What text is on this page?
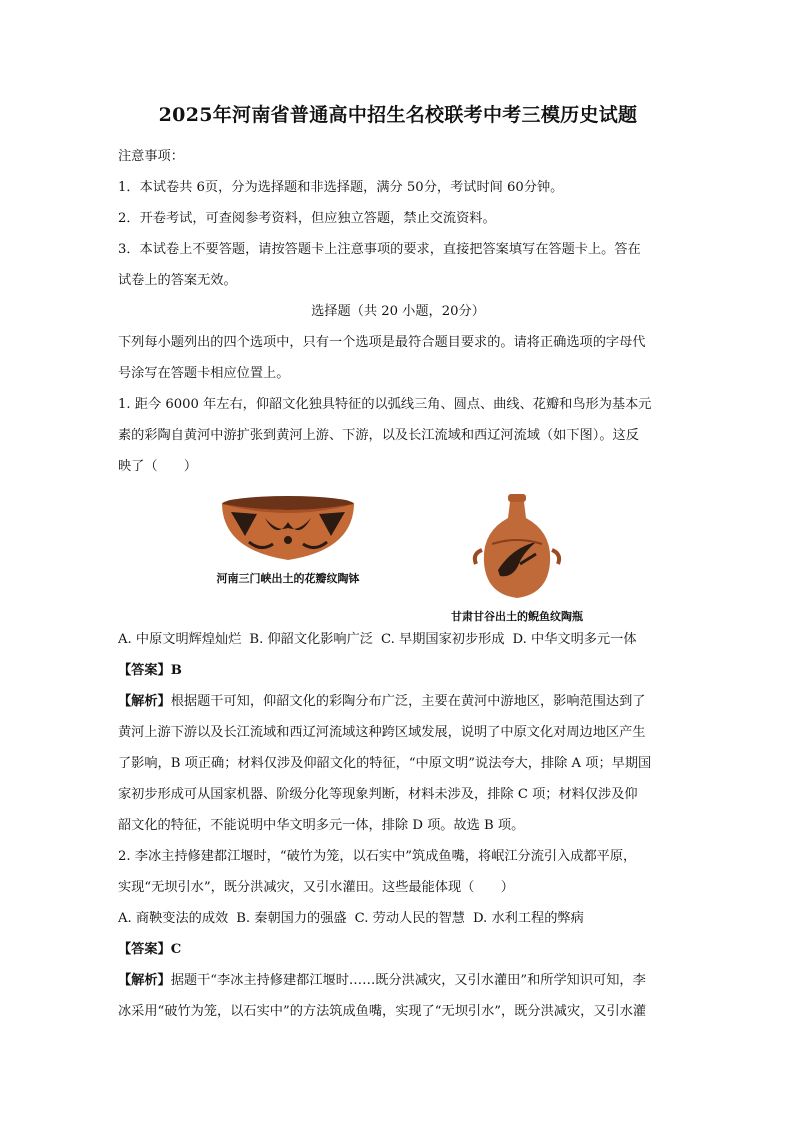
2025年河南省普通高中招生名校联考中考三模历史试题

注意事项：

1．本试卷共 6页，分为选择题和非选择题，满分 50分，考试时间 60分钟。

2．开卷考试，可查阅参考资料，但应独立答题，禁止交流资料。

3．本试卷上不要答题，请按答题卡上注意事项的要求，直接把答案填写在答题卡上。答在

试卷上的答案无效。

选择题（共 20 小题，20分）

下列每小题列出的四个选项中，只有一个选项是最符合题目要求的。请将正确选项的字母代

号涂写在答题卡相应位置上。

1. 距今 6000 年左右，仰韶文化独具特征的以弧线三角、圆点、曲线、花瓣和鸟形为基本元

素的彩陶自黄河中游扩张到黄河上游、下游，以及长江流域和西辽河流域（如下图）。这反

映了（　　）

河南三门峡出土的花瓣纹陶钵
甘肃甘谷出土的鲵鱼纹陶瓶

A. 中原文明辉煌灿烂 B. 仰韶文化影响广泛 C. 早期国家初步形成 D. 中华文明多元一体

【答案】B

【解析】根据题干可知，仰韶文化的彩陶分布广泛，主要在黄河中游地区，影响范围达到了

黄河上游下游以及长江流域和西辽河流域这种跨区域发展，说明了中原文化对周边地区产生

了影响，B 项正确；材料仅涉及仰韶文化的特征，“中原文明”说法夸大，排除 A 项；早期国

家初步形成可从国家机器、阶级分化等现象判断，材料未涉及，排除 C 项；材料仅涉及仰

韶文化的特征，不能说明中华文明多元一体，排除 D 项。故选 B 项。

2. 李冰主持修建都江堰时，“破竹为笼，以石实中”筑成鱼嘴，将岷江分流引入成都平原，

实现“无坝引水”，既分洪减灾，又引水灌田。这些最能体现（　　）

A. 商鞅变法的成效 B. 秦朝国力的强盛 C. 劳动人民的智慧 D. 水利工程的弊病

【答案】C

【解析】据题干“李冰主持修建都江堰时……既分洪减灾，又引水灌田”和所学知识可知，李

冰采用“破竹为笼，以石实中”的方法筑成鱼嘴，实现了“无坝引水”，既分洪减灾，又引水灌
